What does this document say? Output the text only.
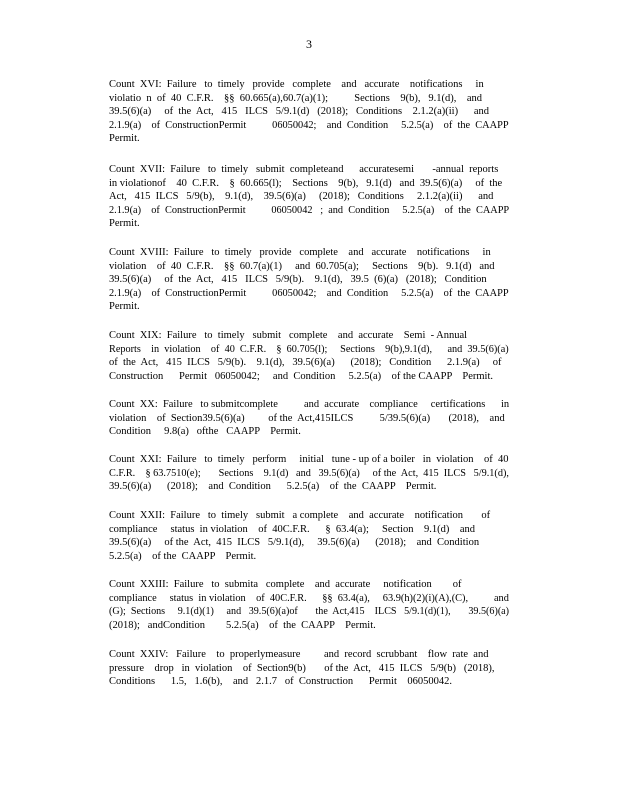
3

Count  XVI:  Failure   to  timely   provide   complete    and   accurate    notifications     in
violatio  n  of  40  C.F.R.    §§  60.665(a),60.7(a)(1);          Sections    9(b),   9.1(d),    and
39.5(6)(a)     of  the  Act,   415   ILCS   5/9.1(d)   (2018);   Conditions    2.1.2(a)(ii)      and
2.1.9(a)    of  ConstructionPermit          06050042;    and  Condition     5.2.5(a)    of  the  CAAPP
Permit.

Count  XVII:  Failure   to  timely   submit  completeand      accuratesemi       -annual  reports
in violationof    40  C.F.R.    §  60.665(l);    Sections    9(b),   9.1(d)   and  39.5(6)(a)     of  the
Act,   415  ILCS   5/9(b),    9.1(d),    39.5(6)(a)     (2018);   Conditions     2.1.2(a)(ii)      and
2.1.9(a)    of  ConstructionPermit          06050042   ;  and  Condition     5.2.5(a)    of  the  CAAPP
Permit.

Count  XVIII:  Failure   to  timely   provide   complete    and   accurate    notifications     in
violation    of  40  C.F.R.    §§  60.7(a)(1)     and  60.705(a);     Sections    9(b).   9.1(d)   and
39.5(6)(a)     of  the  Act,   415   ILCS   5/9(b).    9.1(d),   39.5  (6)(a)   (2018);   Condition
2.1.9(a)    of  ConstructionPermit          06050042;    and  Condition     5.2.5(a)    of  the  CAAPP
Permit.

Count  XIX:  Failure   to  timely   submit   complete    and  accurate    Semi  - Annual
Reports    in  violation    of  40  C.F.R.    §  60.705(l);     Sections    9(b),9.1(d),      and  39.5(6)(a)
of  the  Act,   415  ILCS   5/9(b).    9.1(d),   39.5(6)(a)      (2018);   Condition      2.1.9(a)     of
Construction      Permit   06050042;     and  Condition     5.2.5(a)    of the CAAPP    Permit.

Count  XX:  Failure   to submitcomplete          and  accurate    compliance     certifications      in
violation    of  Section39.5(6)(a)         of the  Act,415ILCS          5/39.5(6)(a)       (2018),    and
Condition     9.8(a)   ofthe   CAAPP    Permit.

Count  XXI:  Failure   to  timely   perform     initial   tune - up of a boiler   in  violation    of  40
C.F.R.    § 63.7510(e);       Sections    9.1(d)   and   39.5(6)(a)     of the  Act,  415  ILCS   5/9.1(d),
39.5(6)(a)      (2018);    and  Condition      5.2.5(a)    of  the  CAAPP    Permit.

Count  XXII:  Failure   to  timely   submit   a complete    and  accurate    notification       of
compliance     status  in violation    of  40C.F.R.      §  63.4(a);     Section    9.1(d)    and
39.5(6)(a)     of the  Act,  415  ILCS   5/9.1(d),     39.5(6)(a)      (2018);    and  Condition
5.2.5(a)    of the  CAAPP    Permit.

Count  XXIII:  Failure   to  submita   complete    and  accurate     notification        of
compliance     status  in violation    of  40C.F.R.      §§  63.4(a),     63.9(h)(2)(i)(A),(C),          and
(G);  Sections     9.1(d)(1)     and   39.5(6)(a)of       the  Act,415    ILCS   5/9.1(d)(1),       39.5(6)(a)
(2018);   andCondition        5.2.5(a)    of  the  CAAPP    Permit.

Count  XXIV:   Failure    to  properlymeasure         and  record  scrubbant    flow  rate  and
pressure    drop   in  violation    of  Section9(b)       of the  Act,   415  ILCS   5/9(b)   (2018),
Conditions      1.5,   1.6(b),    and   2.1.7   of  Construction      Permit    06050042.
